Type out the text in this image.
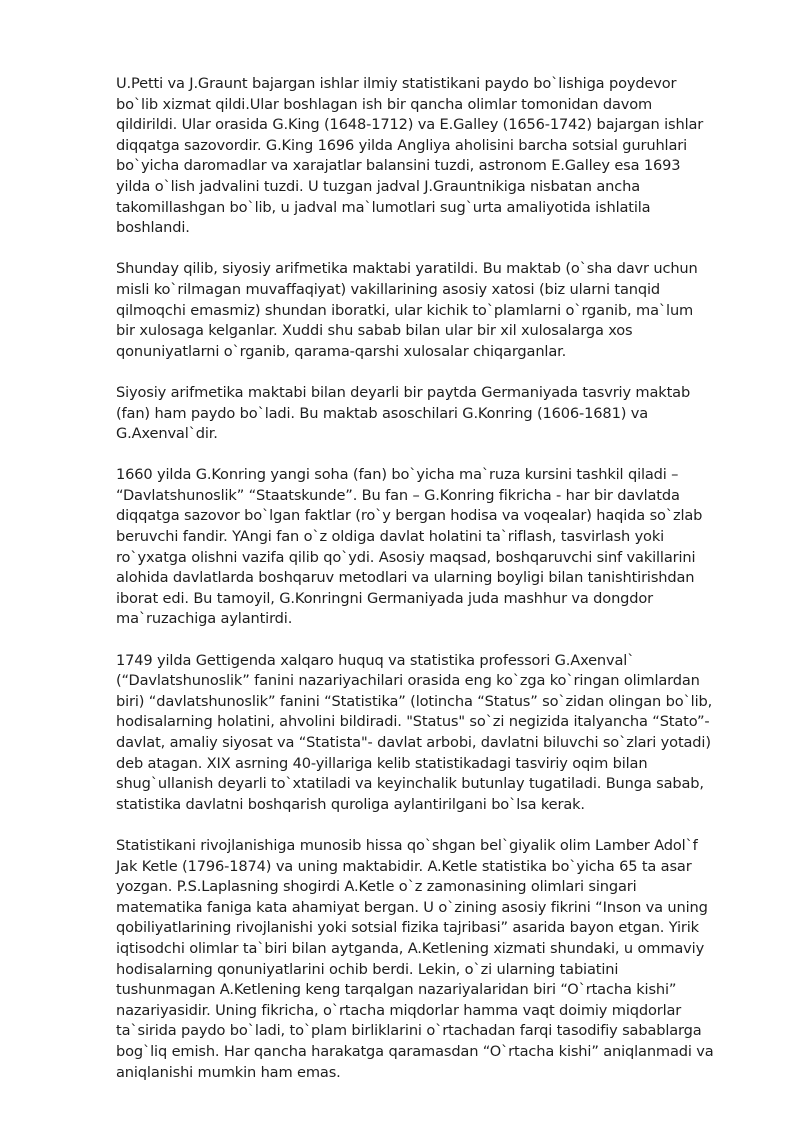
U.Petti va J.Graunt bajargan ishlar ilmiy statistikani paydo bo`lishiga poydevor bo`lib xizmat qildi.Ular boshlagan ish bir qancha olimlar tomonidan davom qildirildi. Ular orasida G.King (1648-1712) va E.Galley (1656-1742) bajargan ishlar diqqatga sazovordir. G.King 1696 yilda Angliya aholisini barcha sotsial guruhlari bo`yicha daromadlar va xarajatlar balansini tuzdi, astronom E.Galley esa 1693 yilda o`lish jadvalini tuzdi. U tuzgan jadval J.Grauntnikiga nisbatan ancha takomillashgan bo`lib, u jadval ma`lumotlari sug`urta amaliyotida ishlatila boshlandi.

Shunday qilib, siyosiy arifmetika maktabi yaratildi. Bu maktab (o`sha davr uchun misli ko`rilmagan muvaffaqiyat) vakillarining asosiy xatosi (biz ularni tanqid qilmoqchi emasmiz) shundan iboratki, ular kichik to`plamlarni o`rganib, ma`lum bir xulosaga kelganlar. Xuddi shu sabab bilan ular bir xil xulosalarga xos qonuniyatlarni o`rganib, qarama-qarshi xulosalar chiqarganlar.

Siyosiy arifmetika maktabi bilan deyarli bir paytda Germaniyada tasvriy maktab (fan) ham paydo bo`ladi. Bu maktab asoschilari G.Konring (1606-1681) va G.Axenval`dir.

1660 yilda G.Konring yangi soha (fan) bo`yicha ma`ruza kursini tashkil qiladi – “Davlatshunoslik” “Staatskunde”. Bu fan – G.Konring fikricha - har bir davlatda diqqatga sazovor bo`lgan faktlar (ro`y bergan hodisa va voqealar) haqida so`zlab beruvchi fandir. YAngi fan o`z oldiga davlat holatini ta`riflash, tasvirlash yoki ro`yxatga olishni vazifa qilib qo`ydi. Asosiy maqsad, boshqaruvchi sinf vakillarini alohida davlatlarda boshqaruv metodlari va ularning boyligi bilan tanishtirishdan iborat edi. Bu tamoyil, G.Konringni Germaniyada juda mashhur va dongdor ma`ruzachiga aylantirdi.

1749 yilda Gettigenda xalqaro huquq va statistika professori G.Axenval` (“Davlatshunoslik” fanini nazariyachilari orasida eng ko`zga ko`ringan olimlardan biri) “davlatshunoslik” fanini “Statistika” (lotincha “Status” so`zidan olingan bo`lib, hodisalarning holatini, ahvolini bildiradi. "Status" so`zi negizida italyancha “Stato”- davlat, amaliy siyosat va “Statista"- davlat arbobi, davlatni biluvchi so`zlari yotadi) deb atagan. XIX asrning 40-yillariga kelib statistikadagi tasviriy oqim bilan shug`ullanish deyarli to`xtatiladi va keyinchalik butunlay tugatiladi. Bunga sabab, statistika davlatni boshqarish quroliga aylantirilgani bo`lsa kerak.

Statistikani rivojlanishiga munosib hissa qo`shgan bel`giyalik olim Lamber Adol`f Jak Ketle (1796-1874) va uning maktabidir. A.Ketle statistika bo`yicha 65 ta asar yozgan. P.S.Laplasning shogirdi A.Ketle o`z zamonasining olimlari singari matematika faniga kata ahamiyat bergan. U o`zining asosiy fikrini “Inson va uning qobiliyatlarining rivojlanishi yoki sotsial fizika tajribasi” asarida bayon etgan. Yirik iqtisodchi olimlar ta`biri bilan aytganda, A.Ketlening xizmati shundaki, u ommaviy hodisalarning qonuniyatlarini ochib berdi. Lekin, o`zi ularning tabiatini tushunmagan A.Ketlening keng tarqalgan nazariyalaridan biri “O`rtacha kishi” nazariyasidir. Uning fikricha, o`rtacha miqdorlar hamma vaqt doimiy miqdorlar ta`sirida paydo bo`ladi, to`plam birliklarini o`rtachadan farqi tasodifiy sabablarga bog`liq emish. Har qancha harakatga qaramasdan “O`rtacha kishi” aniqlanmadi va aniqlanishi mumkin ham emas.
